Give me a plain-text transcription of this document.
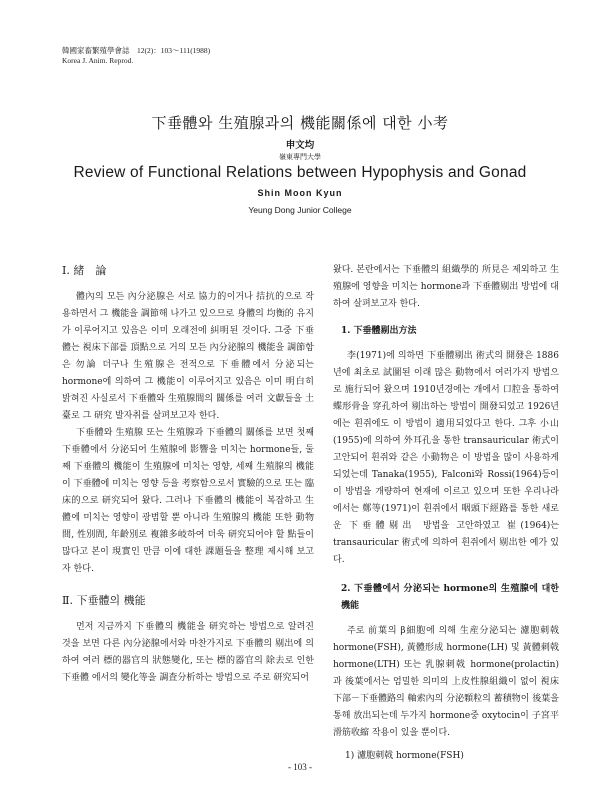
韓國家畜繁殖學會誌　12(2)：103～111(1988)
Korea J. Anim. Reprod.
下垂體와 生殖腺과의 機能關係에 대한 小考
申文均
嶺東專門大學
Review of Functional Relations between Hypophysis and Gonad
Shin Moon Kyun
Yeung Dong Junior College
Ⅰ. 緒　論

體內의 모든 內分泌腺은 서로 協力的이거나 拮抗的으로 작용하면서 그 機能을 調節해 나가고 있으므로 身體의 均衡的 유지가 이루어지고 있음은 이미 오래전에 糾明된 것이다. 그중 下垂體는 視床下部를 頂點으로 거의 모든 內分泌腺의 機能을 調節함은 勿論 더구나 生殖腺은 전적으로 下垂體에서 分泌되는 hormone에 의하여 그 機能이 이루어지고 있음은 이미 明白히 밝혀진 사실로서 下垂體와 生殖腺間의 關係를 여러 文獻들을 土臺로 그 研究 발자취를 살펴보고자 한다.

下垂體와 生殖腺 또는 生殖腺과 下垂體의 關係를 보면 첫째 下垂體에서 分泌되어 生殖腺에 影響을 미치는 hormone들, 둘째 下垂體의 機能이 生殖腺에 미치는 영향, 세째 生殖腺의 機能이 下垂體에 미치는 영향 등을 考察함으로서 實驗的으로 또는 臨床的으로 研究되어 왔다. 그러나 下垂體의 機能이 복잡하고 生體에 미치는 영향이 광범할 뿐 아니라 生殖腺의 機能 또한 動物間, 性別間, 年齡別로 複雜多岐하여 더욱 研究되어야 할 點들이 많다고 본이 現實인 만큼 이에 대한 課題들을 整理 제시해 보고자 한다.

Ⅱ. 下垂體의 機能

먼저 지금까지 下垂體의 機能을 研究하는 방법으로 알려진 것을 보면 다른 內分泌腺에서와 마찬가지로 下垂體의 剔出에 의하여 여러 標的器官의 狀態變化, 또는 標的器官의 除去로 인한 下垂體 에서의 變化等을 調査分析하는 방법으로 주로 研究되어

왔다. 본란에서는 下垂體의 組織學的 所見은 제외하고 生殖腺에 영향을 미치는 hormone과 下垂體剔出 방법에 대하여 살펴보고자 한다.

1. 下垂體剔出方法

李(1971)에 의하면 下垂體剔出 術式의 開發은 1886년에 최초로 試圖된 이래 많은 動物에서 여러가지 방법으로 施行되어 왔으며 1910년경에는 개에서 口腔을 통하여 蝶形骨을 穿孔하여 剔出하는 방법이 開發되었고 1926년에는 흰쥐에도 이 방법이 適用되었다고 한다. 그후 小山(1955)에 의하여 外耳孔을 통한 transauricular 術式이 고안되어 흰쥐와 같은 小動物은 이 방법을 많이 사용하게 되었는데 Tanaka(1955), Falconi와 Rossi(1964)등이 이 방법을 개량하여 현재에 이르고 있으며 또한 우리나라에서는 鄭等(1971)이 흰쥐에서 咽頭下經路를 통한 새로운 下垂體剔出 방법을 고안하였고 崔(1964)는 transauricular 術式에 의하여 흰쥐에서 剔出한 예가 있다.

2. 下垂體에서 分泌되는 hormone의 生殖腺에 대한 機能

주로 前葉의 β細胞에 의해 生産分泌되는 濾胞刺戟 hormone(FSH), 黃體形成 hormone(LH) 및 黃體刺戟 hormone(LTH) 또는 乳腺刺戟 hormone(prolactin)과 後葉에서는 엄밀한 의미의 上皮性腺組織이 없이 視床下部－下垂體路의 軸索內의 分泌顆粒의 蓄積物이 後葉을 통해 放出되는데 두가지 hormone중 oxytocin이 子宮平滑筋收縮 작용이 있을 뿐이다.

1) 濾胞刺戟 hormone(FSH)
- 103 -
